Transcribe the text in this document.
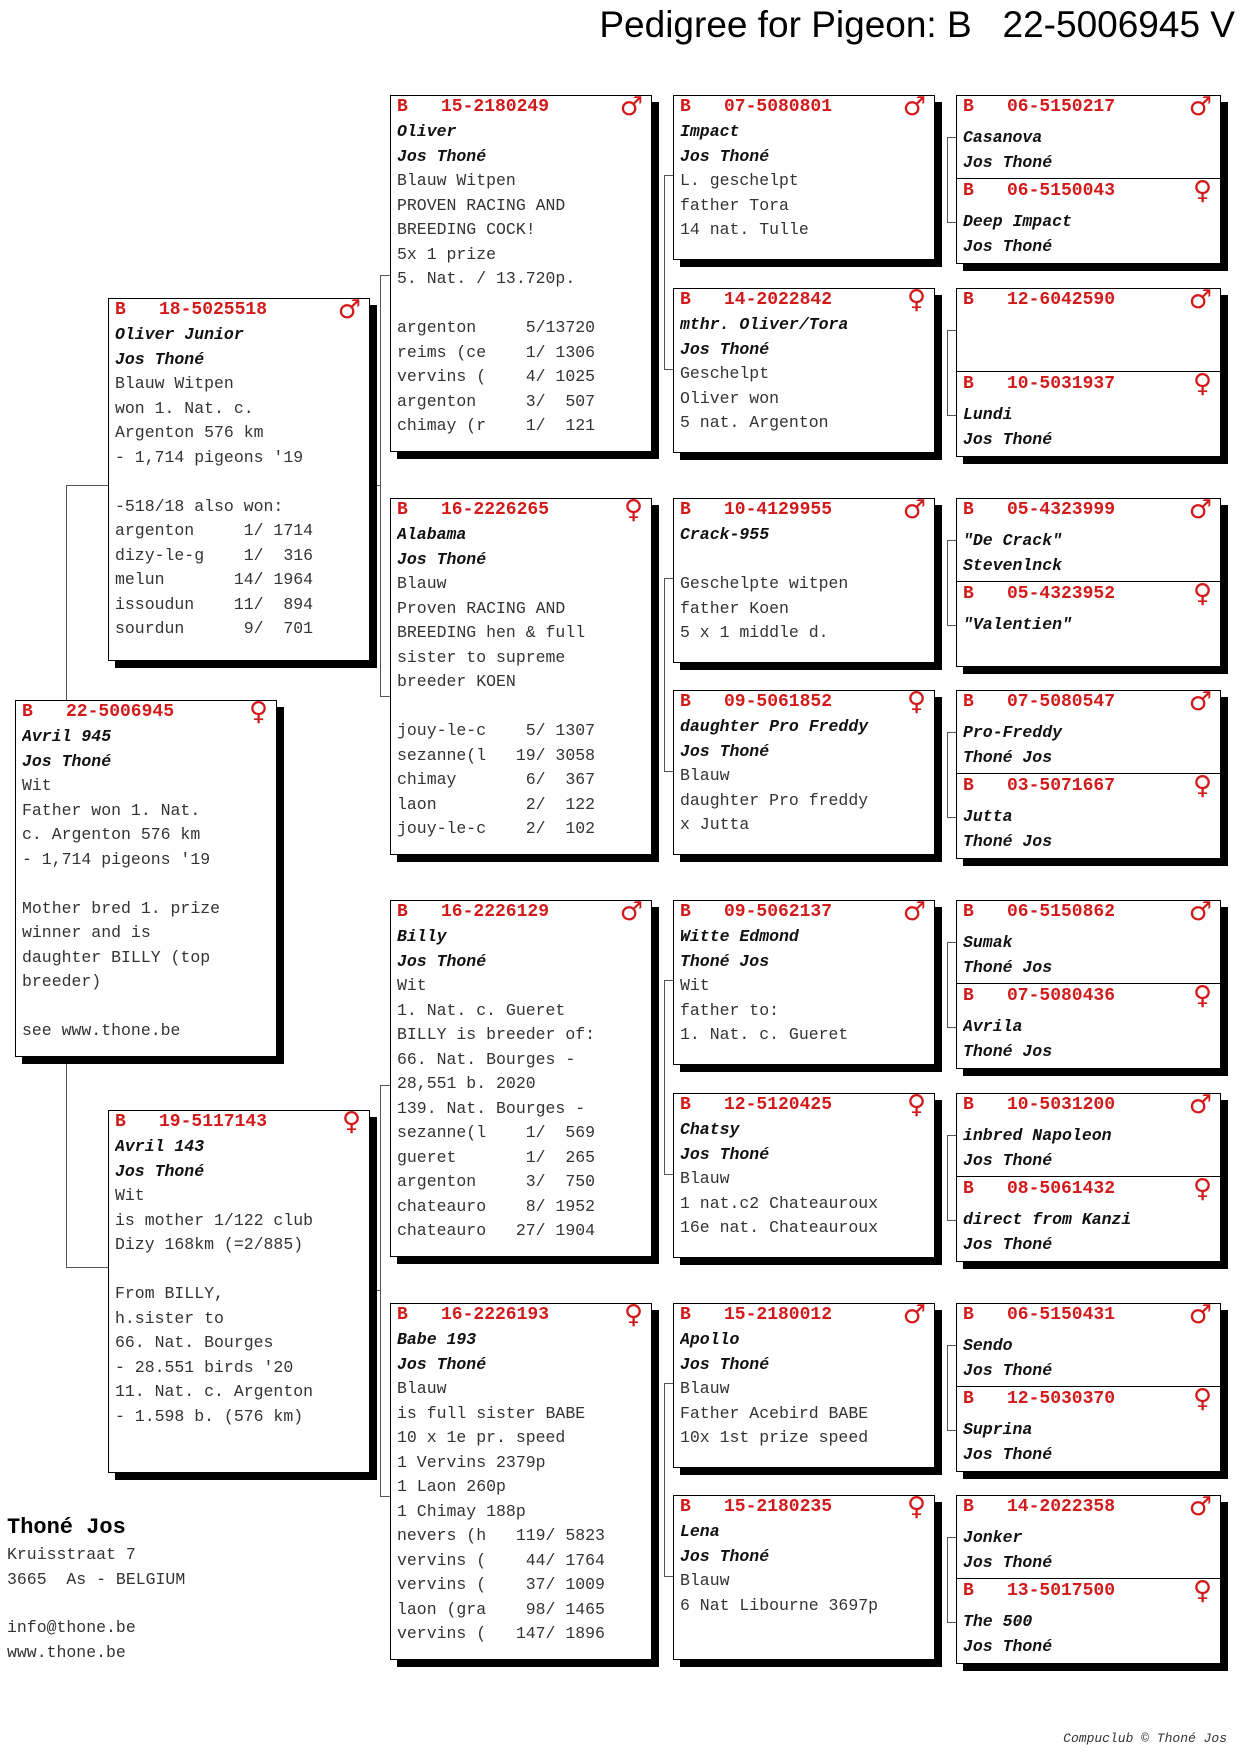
Pedigree for Pigeon: B   22-5006945 V
B 22-5006945	♀
Avril 945
Jos Thoné
Wit
Father won 1. Nat.
c. Argenton 576 km
- 1,714 pigeons '19
Mother bred 1. prize
winner and is
daughter BILLY (top
breeder)
see www.thone.be
B 18-5025518	♂
Oliver Junior
Jos Thoné
Blauw Witpen
won 1. Nat. c.
Argenton 576 km
- 1,714 pigeons '19
-518/18 also won:
argenton     1/ 1714
dizy-le-g    1/  316
melun       14/ 1964
issoudun    11/  894
sourdun      9/  701
B 19-5117143	♀
Avril 143
Jos Thoné
Wit
is mother 1/122 club
Dizy 168km (=2/885)
From BILLY,
h.sister to
66. Nat. Bourges
- 28.551 birds '20
11. Nat. c. Argenton
- 1.598 b. (576 km)
B 15-2180249	♂
Oliver
Jos Thoné
Blauw Witpen
PROVEN RACING AND
BREEDING COCK!
5x 1 prize
5. Nat. / 13.720p.
argenton     5/13720
reims (ce    1/ 1306
vervins (    4/ 1025
argenton     3/  507
chimay (r    1/  121
B 16-2226265	♀
Alabama
Jos Thoné
Blauw
Proven RACING AND
BREEDING hen & full
sister to supreme
breeder KOEN
jouy-le-c    5/ 1307
sezanne(l   19/ 3058
chimay       6/  367
laon         2/  122
jouy-le-c    2/  102
B 16-2226129	♂
Billy
Jos Thoné
Wit
1. Nat. c. Gueret
BILLY is breeder of:
66. Nat. Bourges -
28,551 b. 2020
139. Nat. Bourges -
sezanne(l    1/  569
gueret       1/  265
argenton     3/  750
chateauro    8/ 1952
chateauro   27/ 1904
B 16-2226193	♀
Babe 193
Jos Thoné
Blauw
is full sister BABE
10 x 1e pr. speed
1 Vervins 2379p
1 Laon 260p
1 Chimay 188p
nevers (h   119/ 5823
vervins (    44/ 1764
vervins (    37/ 1009
laon (gra    98/ 1465
vervins (   147/ 1896
B 07-5080801	♂
Impact
Jos Thoné
L. geschelpt
father Tora
14 nat. Tulle
B 14-2022842	♀
mthr. Oliver/Tora
Jos Thoné
Geschelpt
Oliver won
5 nat. Argenton
B 10-4129955	♂
Crack-955
Geschelpte witpen
father Koen
5 x 1 middle d.
B 09-5061852	♀
daughter Pro Freddy
Jos Thoné
Blauw
daughter Pro freddy
x Jutta
B 09-5062137	♂
Witte Edmond
Thoné Jos
Wit
father to:
1. Nat. c. Gueret
B 12-5120425	♀
Chatsy
Jos Thoné
Blauw
1 nat.c2 Chateauroux
16e nat. Chateauroux
B 15-2180012	♂
Apollo
Jos Thoné
Blauw
Father Acebird BABE
10x 1st prize speed
B 15-2180235	♀
Lena
Jos Thoné
Blauw
6 Nat Libourne 3697p
B 06-5150217	♂
Casanova
Jos Thoné
B 06-5150043	♀
Deep Impact
Jos Thoné
B 12-6042590	♂
B 10-5031937	♀
Lundi
Jos Thoné
B 05-4323999	♂
"De Crack"
Stevenlnck
B 05-4323952	♀
"Valentien"
B 07-5080547	♂
Pro-Freddy
Thoné Jos
B 03-5071667	♀
Jutta
Thoné Jos
B 06-5150862	♂
Sumak
Thoné Jos
B 07-5080436	♀
Avrila
Thoné Jos
B 10-5031200	♂
inbred Napoleon
Jos Thoné
B 08-5061432	♀
direct from Kanzi
Jos Thoné
B 06-5150431	♂
Sendo
Jos Thoné
B 12-5030370	♀
Suprina
Jos Thoné
B 14-2022358	♂
Jonker
Jos Thoné
B 13-5017500	♀
The 500
Jos Thoné
Thoné Jos
Kruisstraat 7
3665  As - BELGIUM
info@thone.be
www.thone.be
Compuclub © Thoné Jos
